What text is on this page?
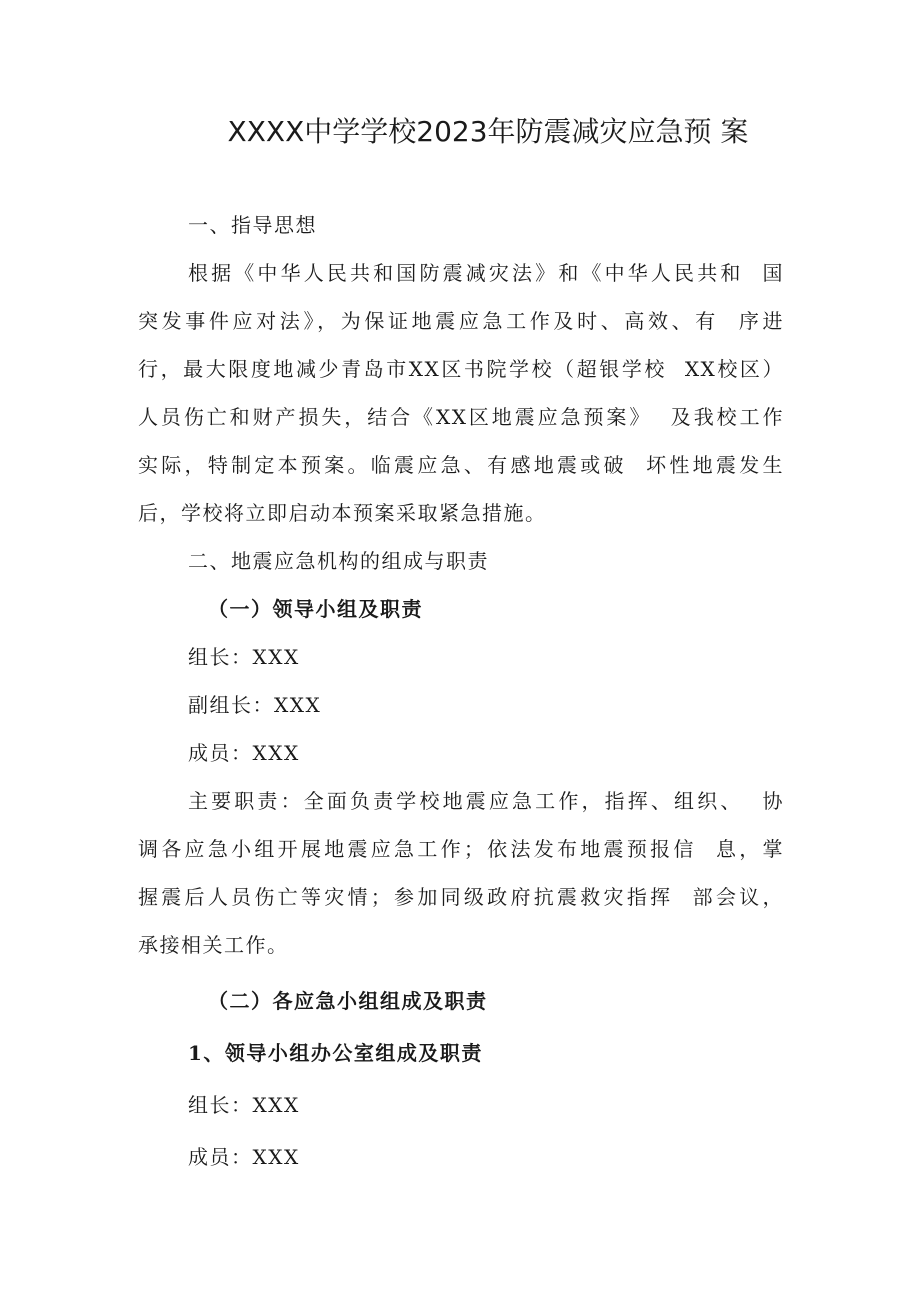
XXXX中学学校2023年防震减灾应急预 案
一、指导思想
根据《中华人民共和国防震减灾法》和《中华人民共和  国
突发事件应对法》，为保证地震应急工作及时、高效、有  序进
行，最大限度地减少青岛市XX区书院学校（超银学校  XX校区）
人员伤亡和财产损失，结合《XX区地震应急预案》  及我校工作
实际，特制定本预案。临震应急、有感地震或破  坏性地震发生
后，学校将立即启动本预案采取紧急措施。
二、地震应急机构的组成与职责
（一）领导小组及职责
组长：XXX
副组长：XXX
成员：XXX
主要职责：全面负责学校地震应急工作，指挥、组织、  协
调各应急小组开展地震应急工作；依法发布地震预报信  息，掌
握震后人员伤亡等灾情；参加同级政府抗震救灾指挥  部会议，
承接相关工作。
（二）各应急小组组成及职责
1、领导小组办公室组成及职责
组长：XXX
成员：XXX
